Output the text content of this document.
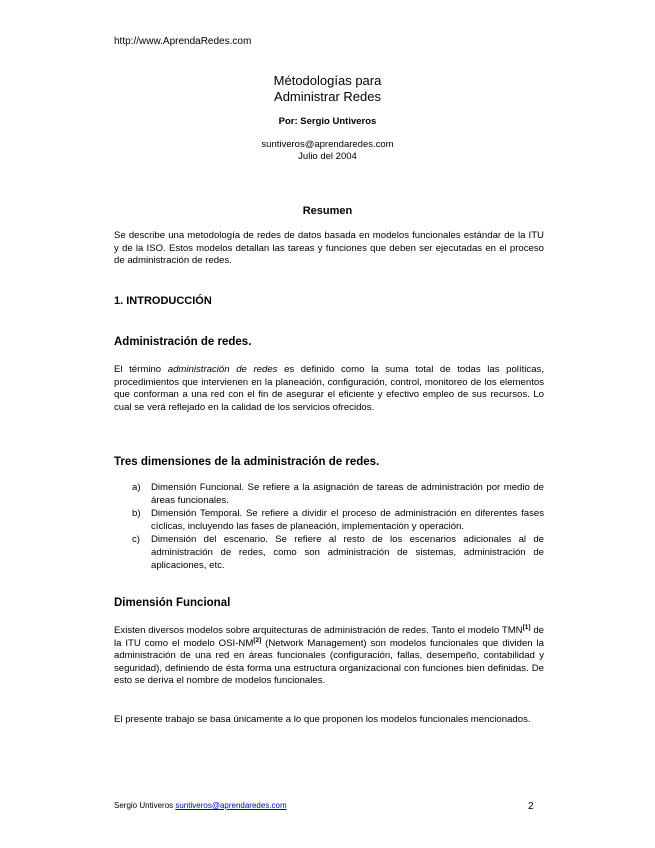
http://www.AprendaRedes.com
Métodologías para
Administrar Redes
Por: Sergio Untiveros
suntiveros@aprendaredes.com
Julio del 2004
Resumen

Se describe una metodología de redes de datos basada en modelos funcionales estándar de la ITU y de la ISO. Estos modelos detallan las tareas y funciones que deben ser ejecutadas en el proceso de administración de redes.

1. INTRODUCCIÓN
Administración de redes.

El término administración de redes es definido como la suma total de todas las políticas, procedimientos que intervienen en la planeación, configuración, control, monitoreo de los elementos que conforman a una red con el fin de asegurar el eficiente y efectivo empleo de sus recursos. Lo cual se verá reflejado en la calidad de los servicios ofrecidos.

Tres dimensiones de la administración de redes.
a) Dimensión Funcional. Se refiere a la asignación de tareas de administración por medio de áreas funcionales.
b) Dimensión Temporal. Se refiere a dividir el proceso de administración en diferentes fases cíclicas, incluyendo las fases de planeación, implementación y operación.
c) Dimensión del escenario. Se refiere al resto de los escenarios adicionales al de administración de redes, como son administración de sistemas, administración de aplicaciones, etc.
Dimensión Funcional

Existen diversos modelos sobre arquitecturas de administración de redes. Tanto el modelo TMN[1] de la ITU como el modelo OSI-NM[2] (Network Management) son modelos funcionales que dividen la administración de una red en áreas funcionales (configuración, fallas, desempeño, contabilidad y seguridad), definiendo de ésta forma una estructura organizacional con funciones bien definidas. De esto se deriva el nombre de modelos funcionales.

El presente trabajo se basa únicamente a lo que proponen los modelos funcionales mencionados.

Sergio Untiveros suntiveros@aprendaredes.com	2
